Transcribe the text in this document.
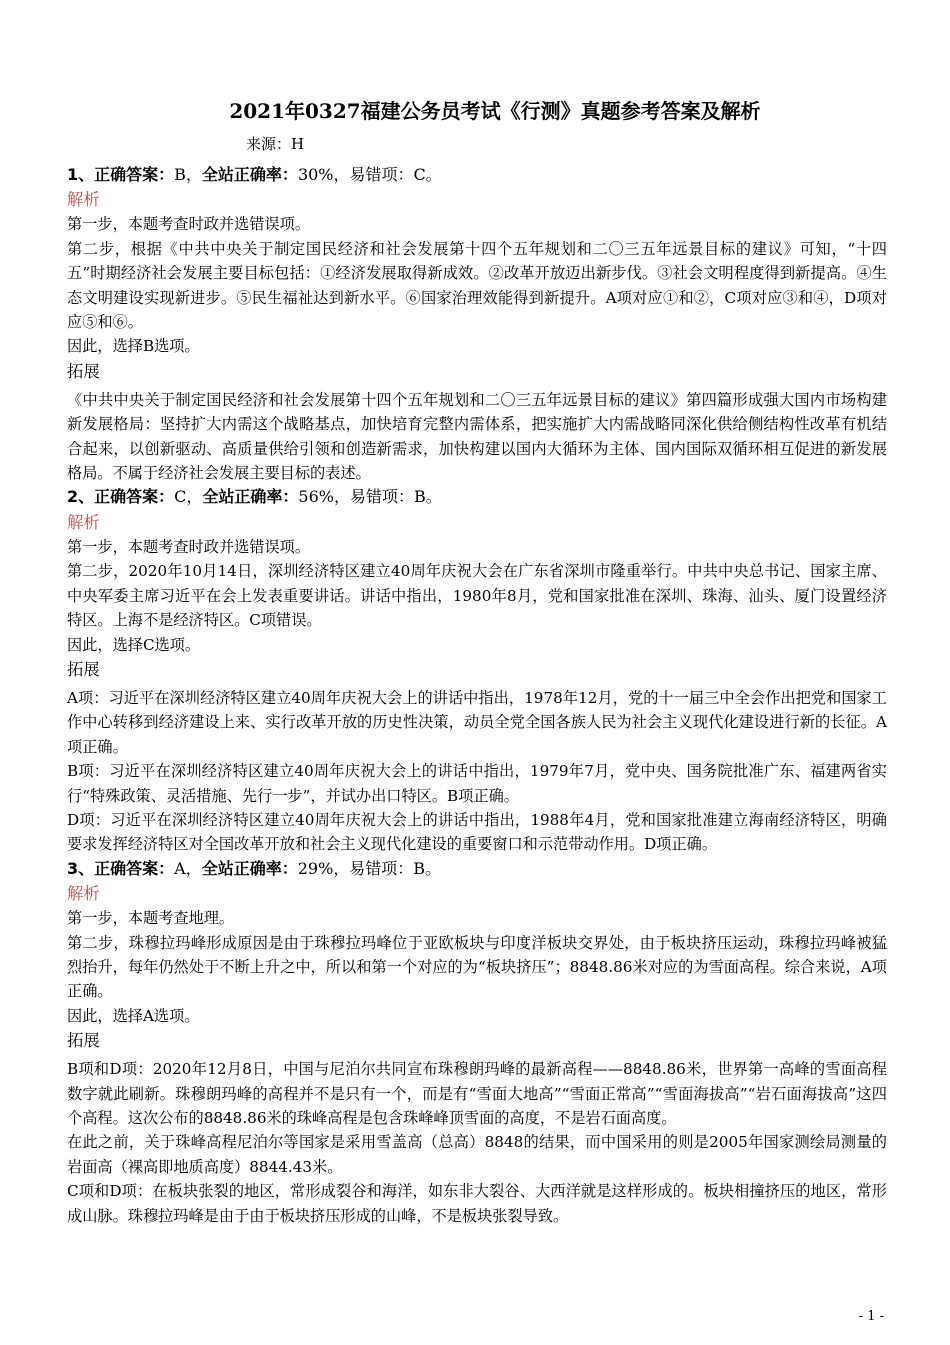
2021年0327福建公务员考试《行测》真题参考答案及解析
来源：H

1、正确答案：B，全站正确率：30%，易错项：C。

解析

第一步，本题考查时政并选错误项。

第二步，根据《中共中央关于制定国民经济和社会发展第十四个五年规划和二〇三五年远景目标的建议》可知，“十四五”时期经济社会发展主要目标包括：①经济发展取得新成效。②改革开放迈出新步伐。③社会文明程度得到新提高。④生态文明建设实现新进步。⑤民生福祉达到新水平。⑥国家治理效能得到新提升。A项对应①和②，C项对应③和④，D项对应⑤和⑥。

因此，选择B选项。

拓展

《中共中央关于制定国民经济和社会发展第十四个五年规划和二〇三五年远景目标的建议》第四篇形成强大国内市场构建新发展格局：坚持扩大内需这个战略基点，加快培育完整内需体系，把实施扩大内需战略同深化供给侧结构性改革有机结合起来，以创新驱动、高质量供给引领和创造新需求，加快构建以国内大循环为主体、国内国际双循环相互促进的新发展格局。不属于经济社会发展主要目标的表述。

2、正确答案：C，全站正确率：56%，易错项：B。

解析

第一步，本题考查时政并选错误项。

第二步，2020年10月14日，深圳经济特区建立40周年庆祝大会在广东省深圳市隆重举行。中共中央总书记、国家主席、中央军委主席习近平在会上发表重要讲话。讲话中指出，1980年8月，党和国家批准在深圳、珠海、汕头、厦门设置经济特区。上海不是经济特区。C项错误。

因此，选择C选项。

拓展

A项：习近平在深圳经济特区建立40周年庆祝大会上的讲话中指出，1978年12月，党的十一届三中全会作出把党和国家工作中心转移到经济建设上来、实行改革开放的历史性决策，动员全党全国各族人民为社会主义现代化建设进行新的长征。A项正确。

B项：习近平在深圳经济特区建立40周年庆祝大会上的讲话中指出，1979年7月，党中央、国务院批准广东、福建两省实行“特殊政策、灵活措施、先行一步”，并试办出口特区。B项正确。

D项：习近平在深圳经济特区建立40周年庆祝大会上的讲话中指出，1988年4月，党和国家批准建立海南经济特区，明确要求发挥经济特区对全国改革开放和社会主义现代化建设的重要窗口和示范带动作用。D项正确。

3、正确答案：A，全站正确率：29%，易错项：B。

解析

第一步，本题考查地理。

第二步，珠穆拉玛峰形成原因是由于珠穆拉玛峰位于亚欧板块与印度洋板块交界处，由于板块挤压运动，珠穆拉玛峰被猛烈抬升，每年仍然处于不断上升之中，所以和第一个对应的为“板块挤压”；8848.86米对应的为雪面高程。综合来说，A项正确。

因此，选择A选项。

拓展

B项和D项：2020年12月8日，中国与尼泊尔共同宣布珠穆朗玛峰的最新高程——8848.86米，世界第一高峰的雪面高程数字就此刷新。珠穆朗玛峰的高程并不是只有一个，而是有“雪面大地高”“雪面正常高”“雪面海拔高”“岩石面海拔高”这四个高程。这次公布的8848.86米的珠峰高程是包含珠峰峰顶雪面的高度，不是岩石面高度。

在此之前，关于珠峰高程尼泊尔等国家是采用雪盖高（总高）8848的结果，而中国采用的则是2005年国家测绘局测量的岩面高（裸高即地质高度）8844.43米。

C项和D项：在板块张裂的地区，常形成裂谷和海洋，如东非大裂谷、大西洋就是这样形成的。板块相撞挤压的地区，常形成山脉。珠穆拉玛峰是由于由于板块挤压形成的山峰，不是板块张裂导致。

- 1 -
